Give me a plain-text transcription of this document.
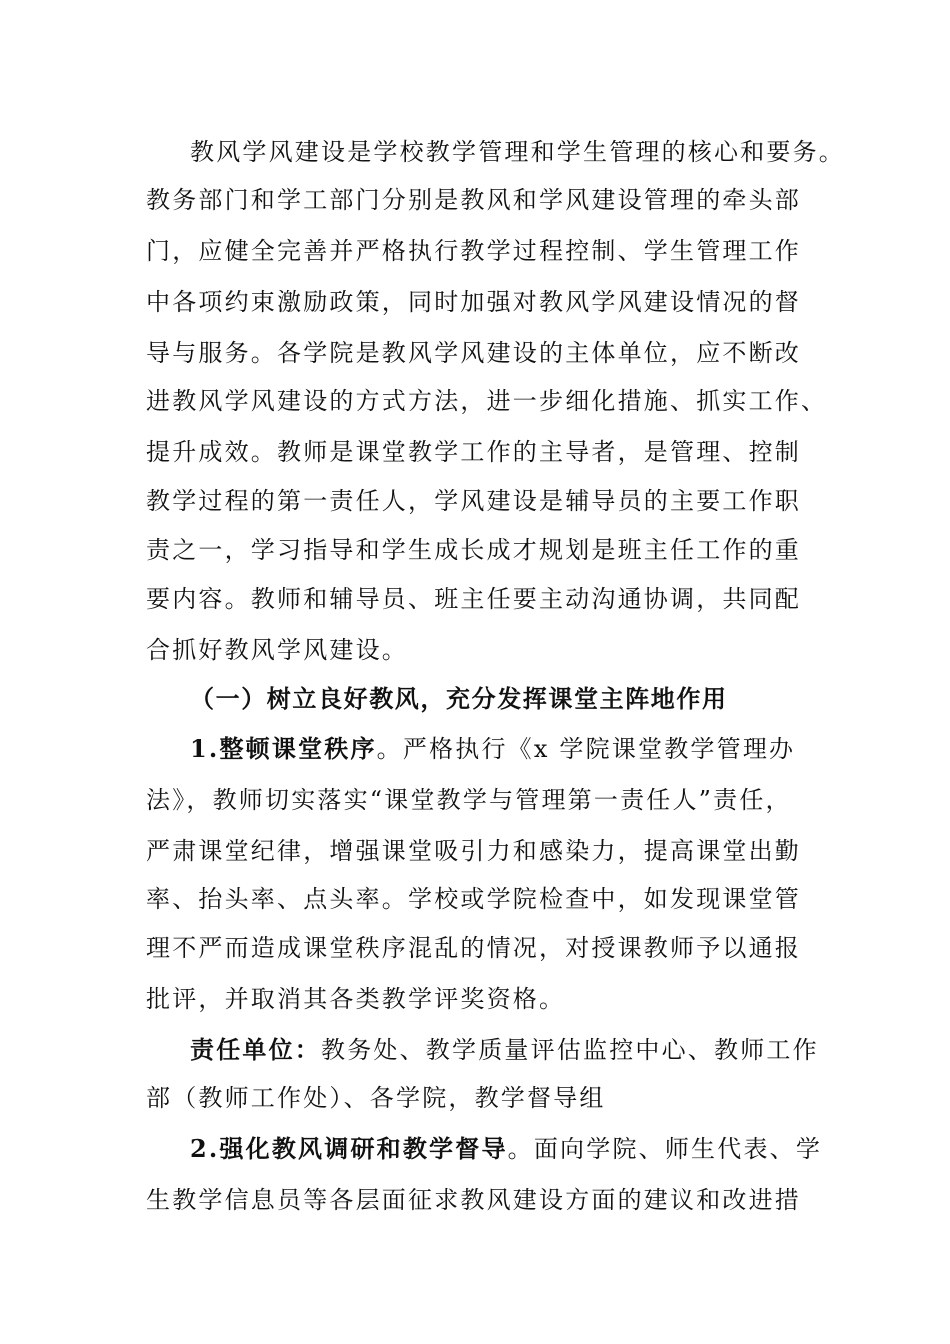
教风学风建设是学校教学管理和学生管理的核心和要务。
教务部门和学工部门分别是教风和学风建设管理的牵头部
门，应健全完善并严格执行教学过程控制、学生管理工作
中各项约束激励政策，同时加强对教风学风建设情况的督
导与服务。各学院是教风学风建设的主体单位，应不断改
进教风学风建设的方式方法，进一步细化措施、抓实工作、
提升成效。教师是课堂教学工作的主导者，是管理、控制
教学过程的第一责任人，学风建设是辅导员的主要工作职
责之一，学习指导和学生成长成才规划是班主任工作的重
要内容。教师和辅导员、班主任要主动沟通协调，共同配
合抓好教风学风建设。
（一）树立良好教风，充分发挥课堂主阵地作用
1.整顿课堂秩序。严格执行《x 学院课堂教学管理办
法》，教师切实落实“课堂教学与管理第一责任人”责任，
严肃课堂纪律，增强课堂吸引力和感染力，提高课堂出勤
率、抬头率、点头率。学校或学院检查中，如发现课堂管
理不严而造成课堂秩序混乱的情况，对授课教师予以通报
批评，并取消其各类教学评奖资格。
责任单位：教务处、教学质量评估监控中心、教师工作
部（教师工作处）、各学院，教学督导组
2.强化教风调研和教学督导。面向学院、师生代表、学
生教学信息员等各层面征求教风建设方面的建议和改进措
